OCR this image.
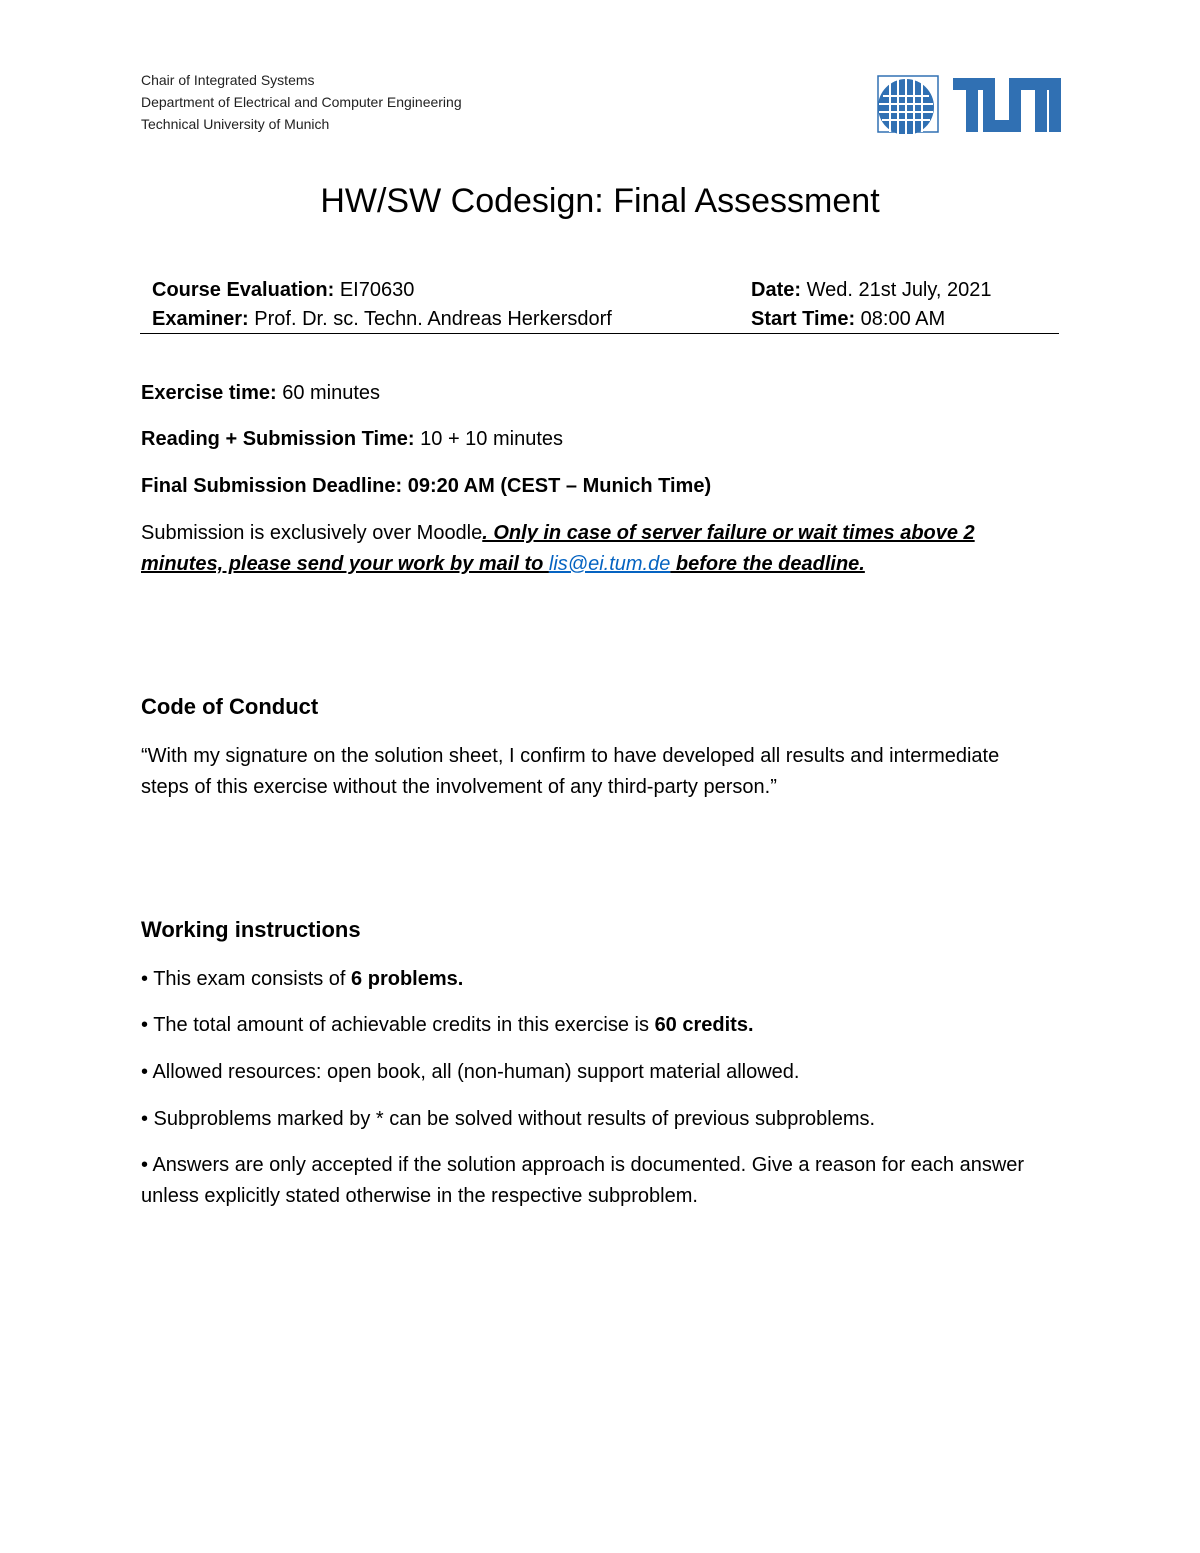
Chair of Integrated Systems
Department of Electrical and Computer Engineering
Technical University of Munich
HW/SW Codesign: Final Assessment
Course Evaluation: EI70630
Examiner: Prof. Dr. sc. Techn. Andreas Herkersdorf
Date: Wed. 21st July, 2021
Start Time: 08:00 AM
Exercise time: 60 minutes
Reading + Submission Time: 10 + 10 minutes
Final Submission Deadline: 09:20 AM (CEST – Munich Time)
Submission is exclusively over Moodle. Only in case of server failure or wait times above 2 minutes, please send your work by mail to lis@ei.tum.de before the deadline.
Code of Conduct
“With my signature on the solution sheet, I confirm to have developed all results and intermediate steps of this exercise without the involvement of any third-party person.”
Working instructions
• This exam consists of 6 problems.
• The total amount of achievable credits in this exercise is 60 credits.
• Allowed resources: open book, all (non-human) support material allowed.
• Subproblems marked by * can be solved without results of previous subproblems.
• Answers are only accepted if the solution approach is documented. Give a reason for each answer unless explicitly stated otherwise in the respective subproblem.
